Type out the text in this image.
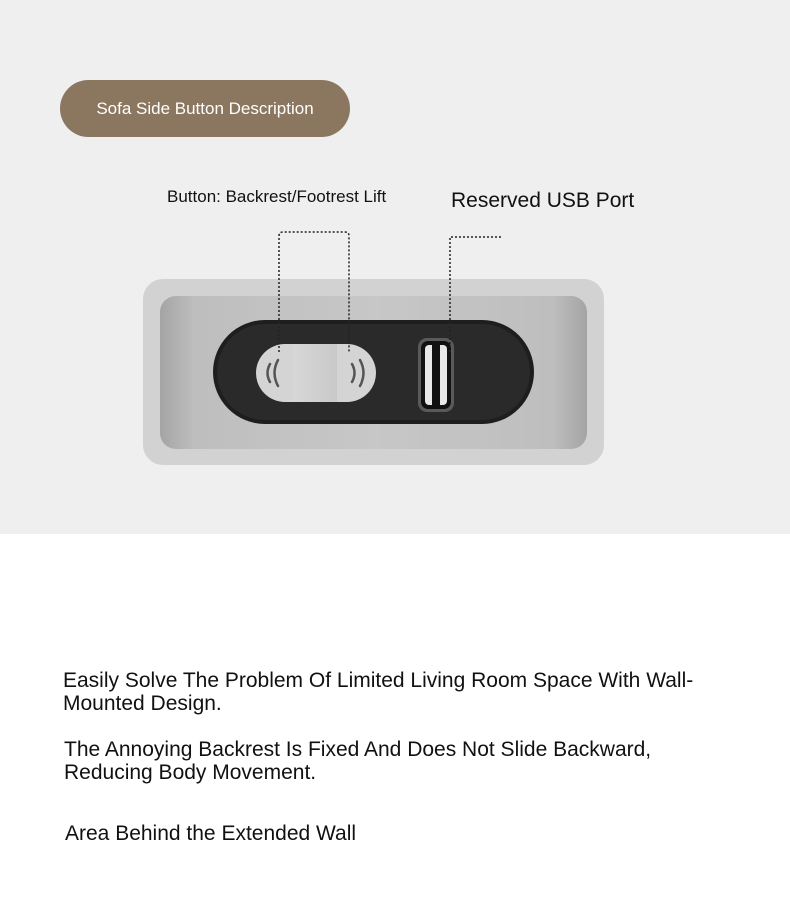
Sofa Side Button Description
Button: Backrest/Footrest Lift	Reserved USB Port
Easily Solve The Problem Of Limited Living Room Space With Wall-Mounted Design.
The Annoying Backrest Is Fixed And Does Not Slide Backward, Reducing Body Movement.
Area Behind the Extended Wall
